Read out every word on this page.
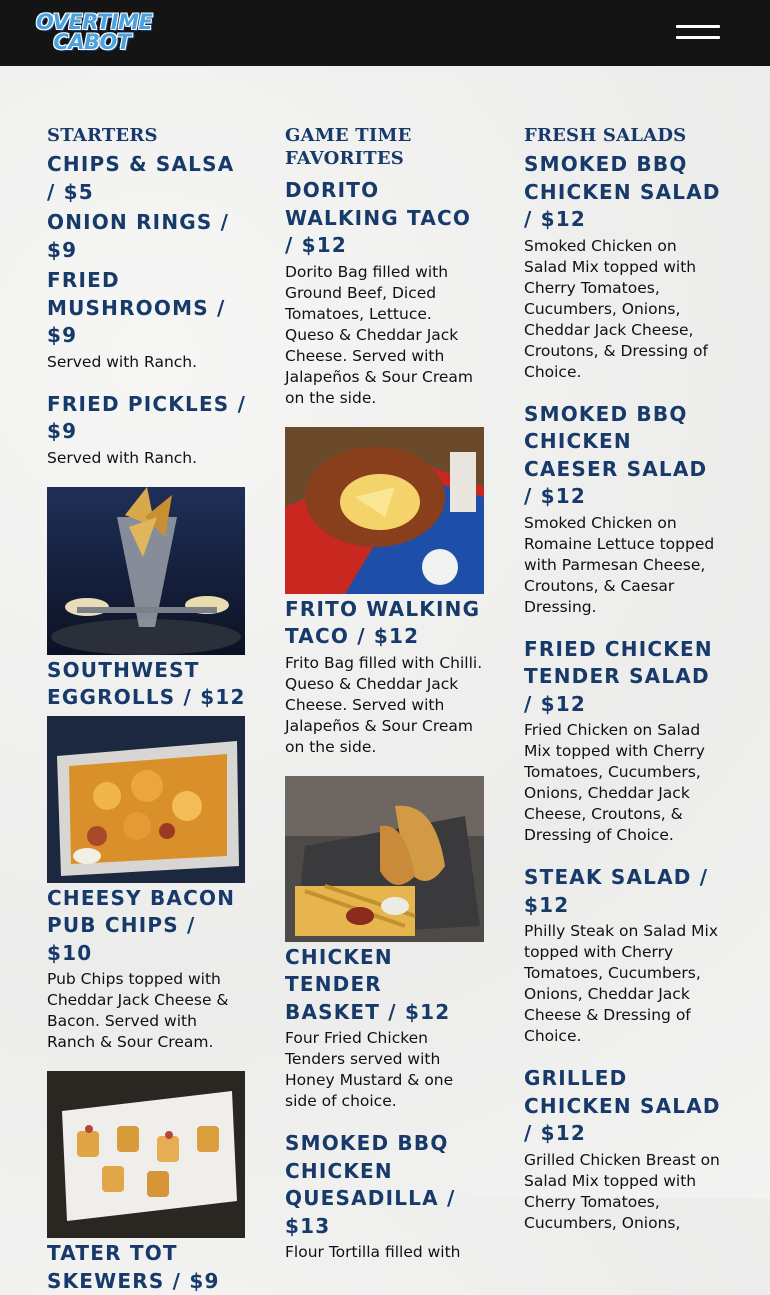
OVERTIME
CABOT
STARTERS
CHIPS & SALSA / $5
ONION RINGS / $9
FRIED MUSHROOMS / $9
Served with Ranch.
FRIED PICKLES / $9
Served with Ranch.
SOUTHWEST EGGROLLS / $12
CHEESY BACON PUB CHIPS / $10
Pub Chips topped with Cheddar Jack Cheese & Bacon. Served with Ranch & Sour Cream.
TATER TOT SKEWERS / $9
GAME TIME FAVORITES
DORITO WALKING TACO / $12
Dorito Bag filled with Ground Beef, Diced Tomatoes, Lettuce. Queso & Cheddar Jack Cheese. Served with Jalapeños & Sour Cream on the side.
FRITO WALKING TACO / $12
Frito Bag filled with Chilli. Queso & Cheddar Jack Cheese. Served with Jalapeños & Sour Cream on the side.
CHICKEN TENDER BASKET / $12
Four Fried Chicken Tenders served with Honey Mustard & one side of choice.
SMOKED BBQ CHICKEN QUESADILLA / $13
Flour Tortilla filled with
FRESH SALADS
SMOKED BBQ CHICKEN SALAD / $12
Smoked Chicken on Salad Mix topped with Cherry Tomatoes, Cucumbers, Onions, Cheddar Jack Cheese, Croutons, & Dressing of Choice.
SMOKED BBQ CHICKEN CAESER SALAD / $12
Smoked Chicken on Romaine Lettuce topped with Parmesan Cheese, Croutons, & Caesar Dressing.
FRIED CHICKEN TENDER SALAD / $12
Fried Chicken on Salad Mix topped with Cherry Tomatoes, Cucumbers, Onions, Cheddar Jack Cheese, Croutons, & Dressing of Choice.
STEAK SALAD / $12
Philly Steak on Salad Mix topped with Cherry Tomatoes, Cucumbers, Onions, Cheddar Jack Cheese & Dressing of Choice.
GRILLED CHICKEN SALAD / $12
Grilled Chicken Breast on Salad Mix topped with Cherry Tomatoes, Cucumbers, Onions,
